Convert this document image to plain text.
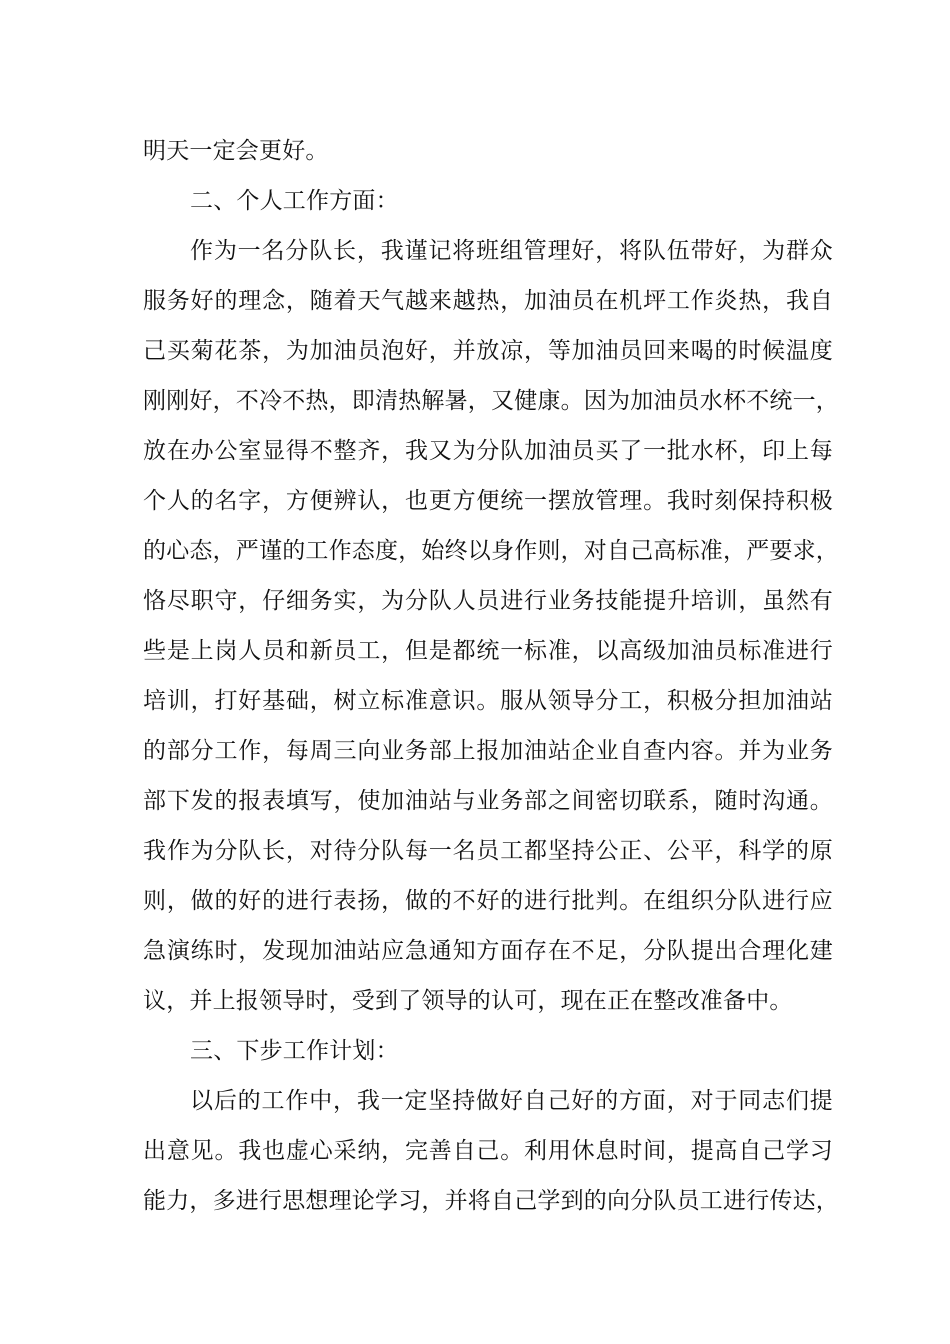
明天一定会更好。
二、个人工作方面：
作为一名分队长，我谨记将班组管理好，将队伍带好，为群众
服务好的理念，随着天气越来越热，加油员在机坪工作炎热，我自
己买菊花茶，为加油员泡好，并放凉，等加油员回来喝的时候温度
刚刚好，不冷不热，即清热解暑，又健康。因为加油员水杯不统一，
放在办公室显得不整齐，我又为分队加油员买了一批水杯，印上每
个人的名字，方便辨认，也更方便统一摆放管理。我时刻保持积极
的心态，严谨的工作态度，始终以身作则，对自己高标准，严要求，
恪尽职守，仔细务实，为分队人员进行业务技能提升培训，虽然有
些是上岗人员和新员工，但是都统一标准，以高级加油员标准进行
培训，打好基础，树立标准意识。服从领导分工，积极分担加油站
的部分工作，每周三向业务部上报加油站企业自查内容。并为业务
部下发的报表填写，使加油站与业务部之间密切联系，随时沟通。
我作为分队长，对待分队每一名员工都坚持公正、公平，科学的原
则，做的好的进行表扬，做的不好的进行批判。在组织分队进行应
急演练时，发现加油站应急通知方面存在不足，分队提出合理化建
议，并上报领导时，受到了领导的认可，现在正在整改准备中。
三、下步工作计划：
以后的工作中，我一定坚持做好自己好的方面，对于同志们提
出意见。我也虚心采纳，完善自己。利用休息时间，提高自己学习
能力，多进行思想理论学习，并将自己学到的向分队员工进行传达，
